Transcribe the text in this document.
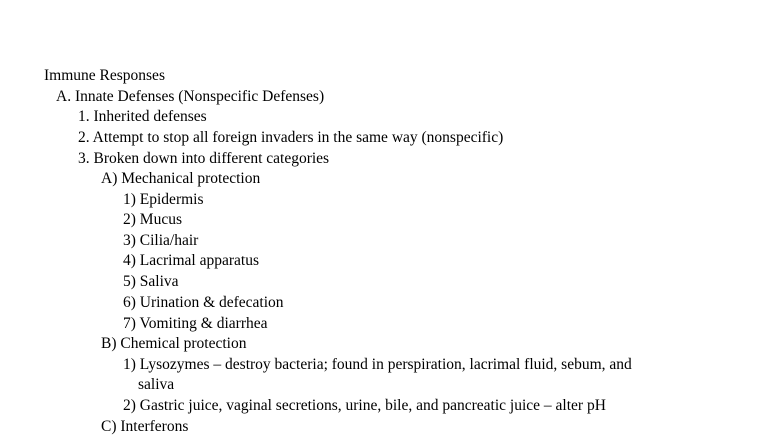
Immune Responses
A. Innate Defenses (Nonspecific Defenses)
1. Inherited defenses
2. Attempt to stop all foreign invaders in the same way (nonspecific)
3. Broken down into different categories
A) Mechanical protection
1) Epidermis
2) Mucus
3) Cilia/hair
4) Lacrimal apparatus
5) Saliva
6) Urination & defecation
7) Vomiting & diarrhea
B) Chemical protection
1) Lysozymes – destroy bacteria; found in perspiration, lacrimal fluid, sebum, and
saliva
2) Gastric juice, vaginal secretions, urine, bile, and pancreatic juice – alter pH
C) Interferons
